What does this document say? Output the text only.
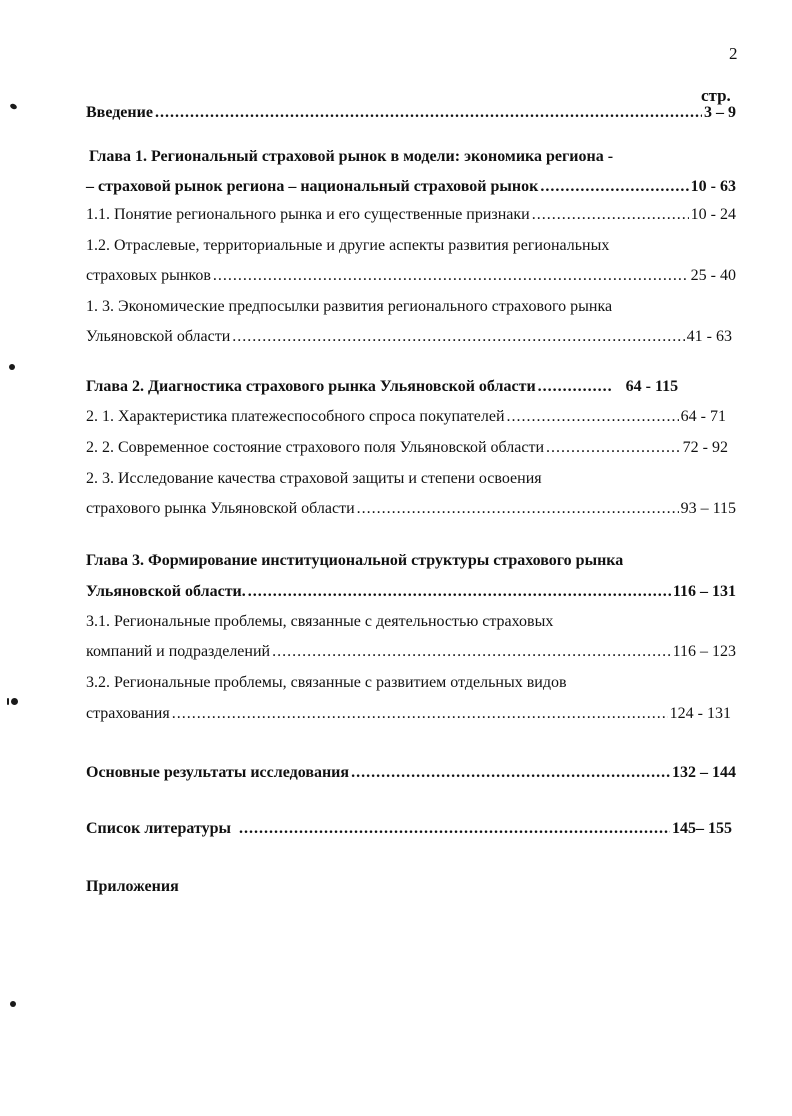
2
стр.
Введение .....	3 – 9
Глава 1. Региональный страховой рынок в модели: экономика региона -
– страховой рынок региона – национальный страховой рынок .....	10 - 63
1.1. Понятие регионального рынка и его существенные признаки .....	10 - 24
1.2. Отраслевые, территориальные и другие аспекты развития региональных
страховых рынков .....	25 - 40
1. 3. Экономические предпосылки развития регионального страхового рынка
Ульяновской области .....	41 - 63
Глава 2. Диагностика страхового рынка Ульяновской области .....	64 - 115
2. 1. Характеристика платежеспособного спроса покупателей .....	64 - 71
2. 2. Современное состояние страхового поля Ульяновской области .....	72 - 92
2. 3. Исследование качества страховой защиты и степени освоения
страхового рынка Ульяновской области .....	93 – 115
Глава 3. Формирование институциональной структуры страхового рынка
Ульяновской области. .....	116 – 131
3.1. Региональные проблемы, связанные с деятельностью страховых
компаний и подразделений .....	116 – 123
3.2. Региональные проблемы, связанные с развитием отдельных видов
страхования .....	124 - 131
Основные результаты исследования .....	132 – 144
Список литературы .....	145– 155
Приложения
